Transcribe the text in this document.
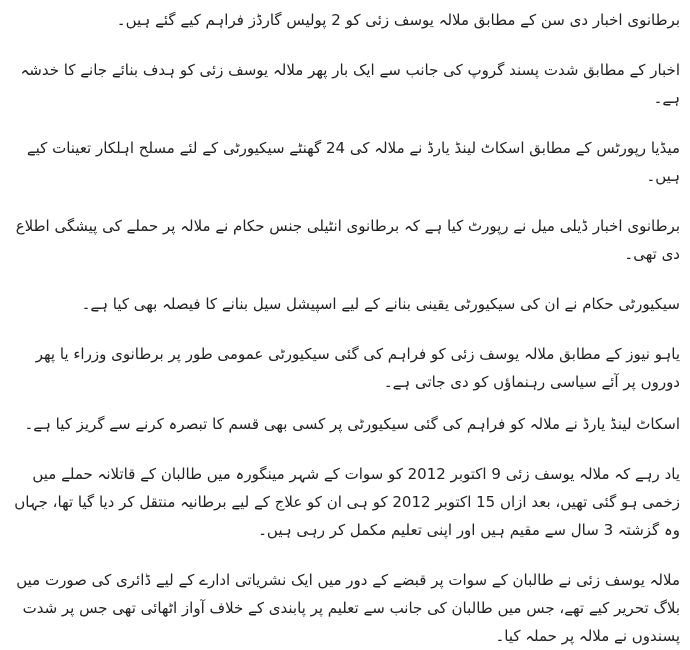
برطانوی اخبار دی سن کے مطابق ملالہ یوسف زئی کو 2 پولیس گارڈز فراہم کیے گئے ہیں۔

اخبار کے مطابق شدت پسند گروپ کی جانب سے ایک بار پھر ملالہ یوسف زئی کو ہدف بنائے جانے کا خدشہ ہے۔

میڈیا رپورٹس کے مطابق اسکاٹ لینڈ یارڈ نے ملالہ کی 24 گھنٹے سیکیورٹی کے لئے مسلح اہلکار تعینات کیے ہیں۔

برطانوی اخبار ڈیلی میل نے رپورٹ کیا ہے کہ برطانوی انٹیلی جنس حکام نے ملالہ پر حملے کی پیشگی اطلاع دی تھی۔

سیکیورٹی حکام نے ان کی سیکیورٹی یقینی بنانے کے لیے اسپیشل سیل بنانے کا فیصلہ بھی کیا ہے۔

یاہو نیوز کے مطابق ملالہ یوسف زئی کو فراہم کی گئی سیکیورٹی عمومی طور پر برطانوی وزراء یا پھر دوروں پر آئے سیاسی رہنماؤں کو دی جاتی ہے۔

اسکاٹ لینڈ یارڈ نے ملالہ کو فراہم کی گئی سیکیورٹی پر کسی بھی قسم کا تبصرہ کرنے سے گریز کیا ہے۔

یاد رہے کہ ملالہ یوسف زئی 9 اکتوبر 2012 کو سوات کے شہر مینگورہ میں طالبان کے قاتلانہ حملے میں زخمی ہو گئی تھیں، بعد ازاں 15 اکتوبر 2012 کو ہی ان کو علاج کے لیے برطانیہ منتقل کر دیا گیا تھا، جہاں وہ گزشتہ 3 سال سے مقیم ہیں اور اپنی تعلیم مکمل کر رہی ہیں۔

ملالہ یوسف زئی نے طالبان کے سوات پر قبضے کے دور میں ایک نشریاتی ادارے کے لیے ڈائری کی صورت میں بلاگ تحریر کیے تھے، جس میں طالبان کی جانب سے تعلیم پر پابندی کے خلاف آواز اٹھائی تھی جس پر شدت پسندوں نے ملالہ پر حملہ کیا۔
